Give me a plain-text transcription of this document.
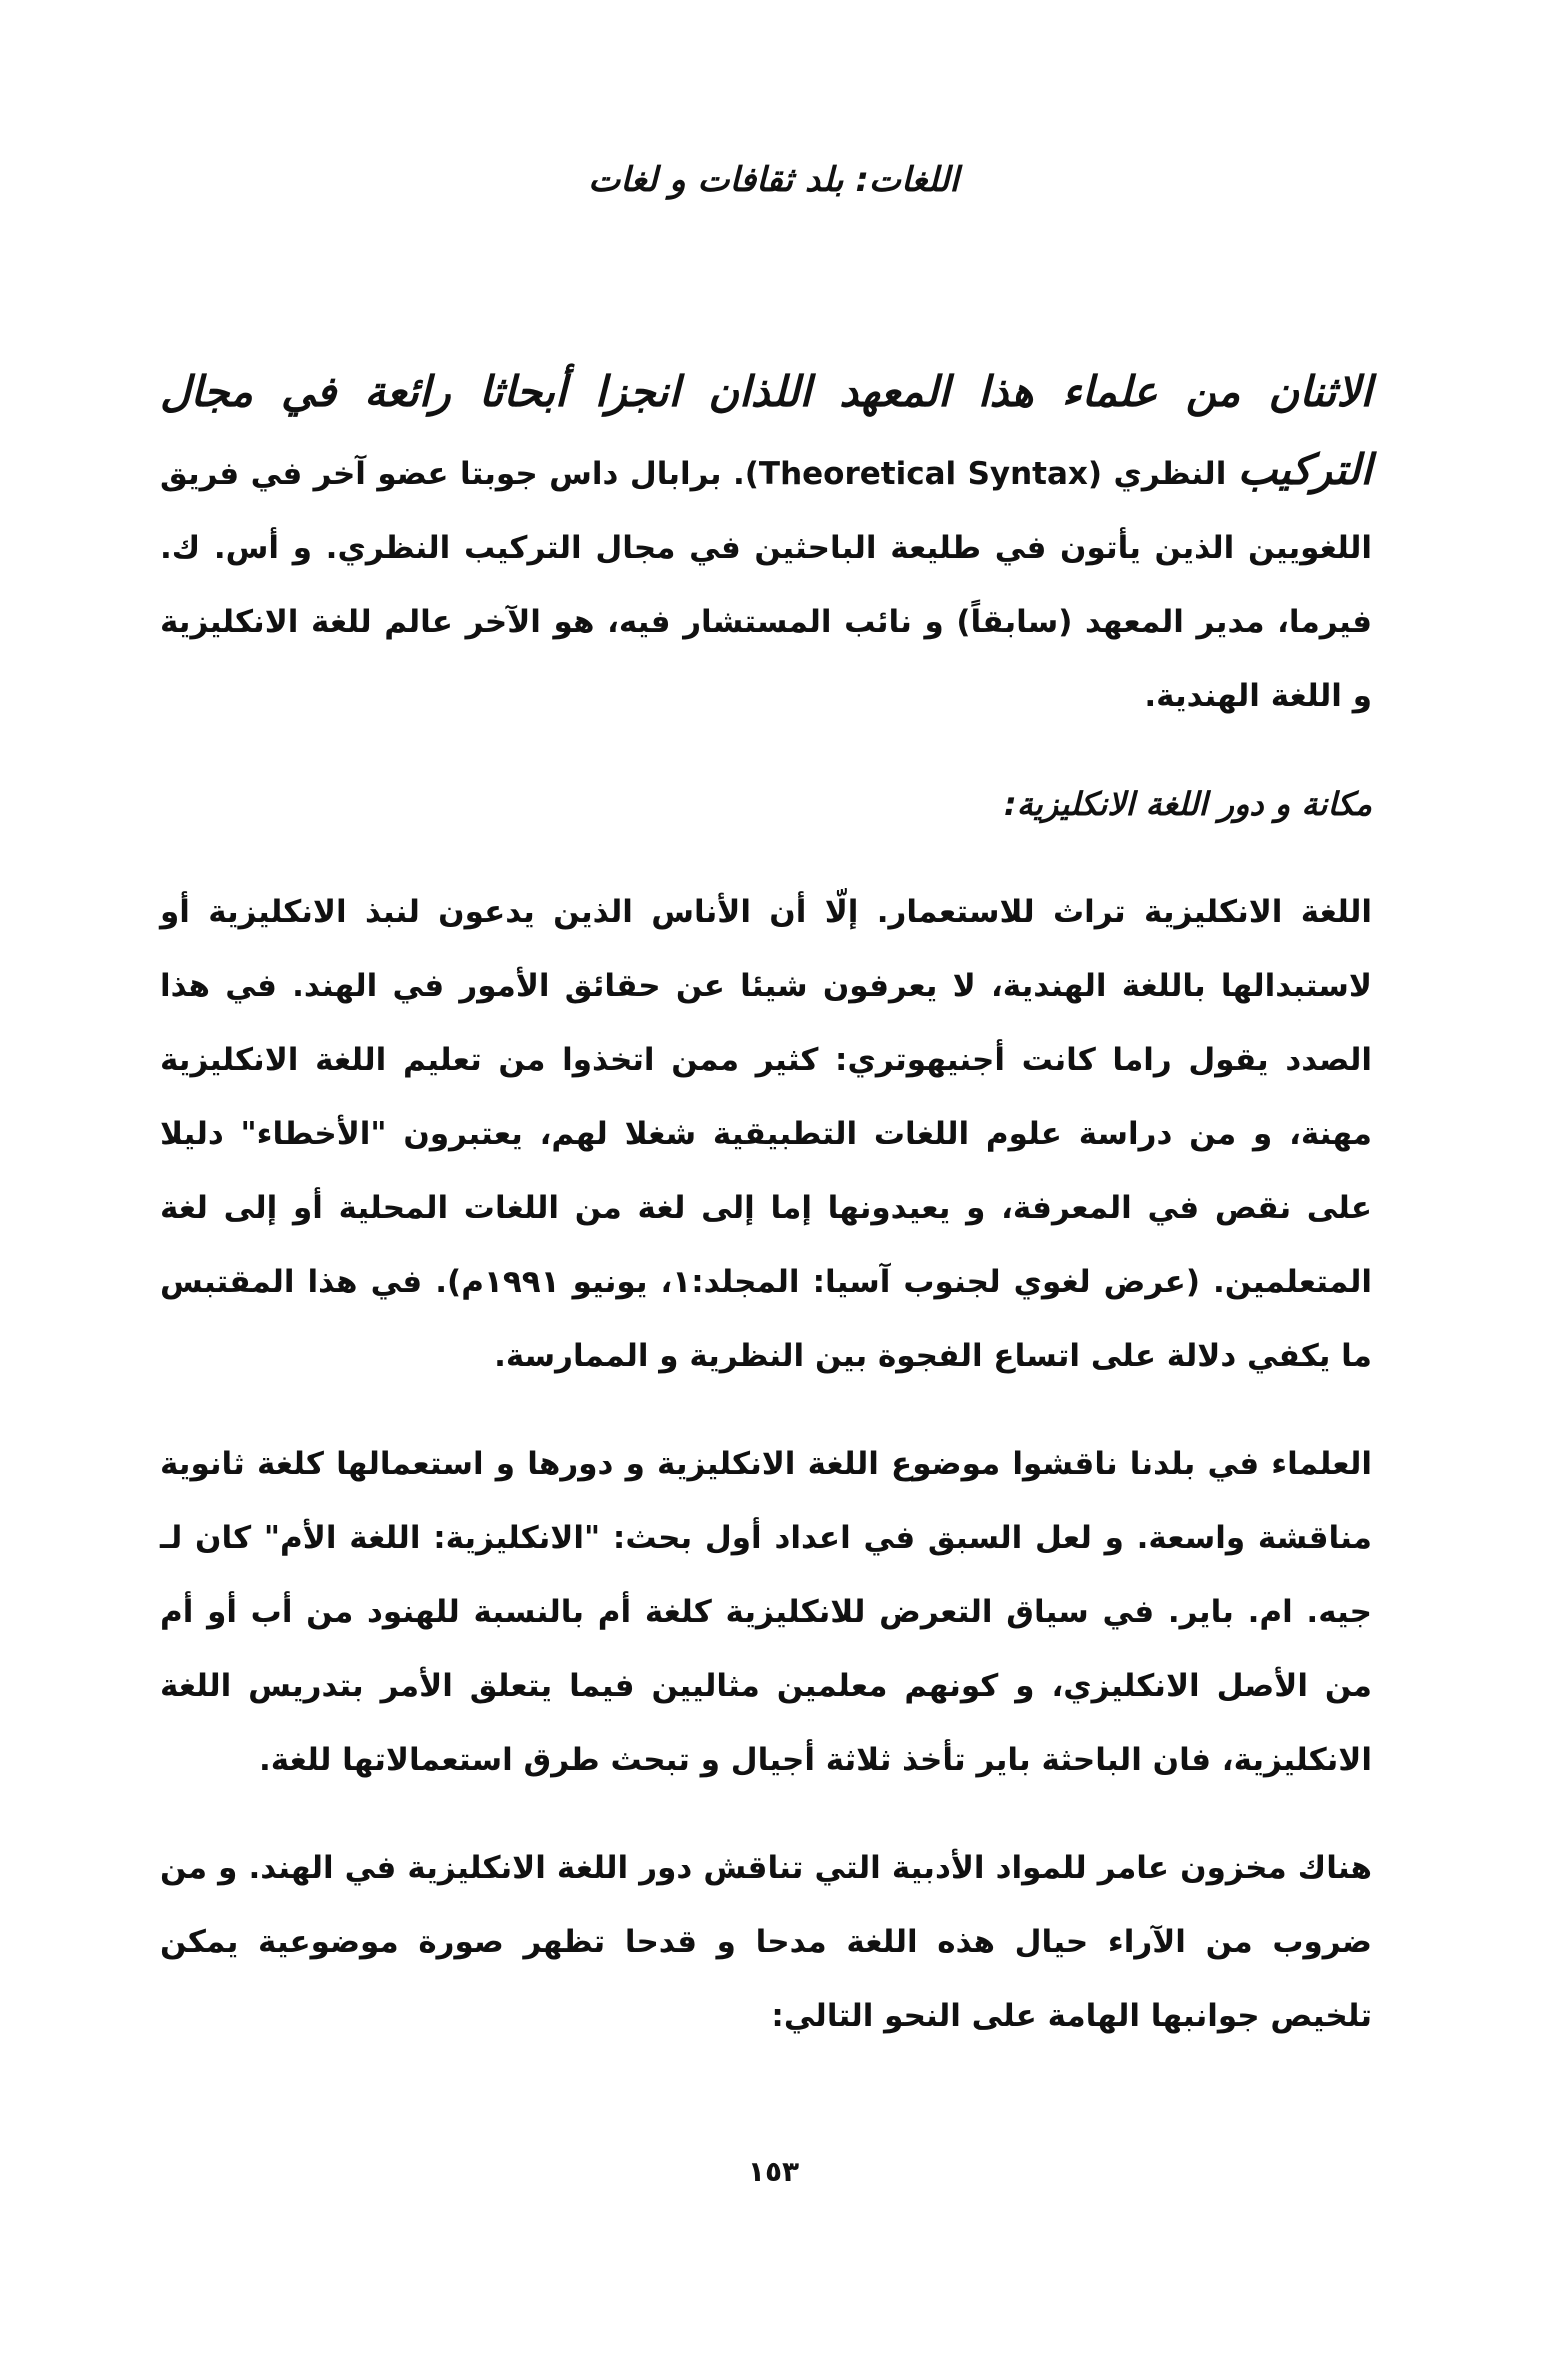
اللغات: بلد ثقافات و لغات

الاثنان من علماء هذا المعهد اللذان انجزا أبحاثا رائعة في مجال التركيب النظري (Theoretical Syntax). برابال داس جوبتا عضو آخر في فريق اللغويين الذين يأتون في طليعة الباحثين في مجال التركيب النظري. و أس. ك. فيرما، مدير المعهد (سابقاً) و نائب المستشار فيه، هو الآخر عالم للغة الانكليزية و اللغة الهندية.

مكانة و دور اللغة الانكليزية:

اللغة الانكليزية تراث للاستعمار. إلّا أن الأناس الذين يدعون لنبذ الانكليزية أو لاستبدالها باللغة الهندية، لا يعرفون شيئا عن حقائق الأمور في الهند. في هذا الصدد يقول راما كانت أجنيهوتري: كثير ممن اتخذوا من تعليم اللغة الانكليزية مهنة، و من دراسة علوم اللغات التطبيقية شغلا لهم، يعتبرون "الأخطاء" دليلا على نقص في المعرفة، و يعيدونها إما إلى لغة من اللغات المحلية أو إلى لغة المتعلمين. (عرض لغوي لجنوب آسيا: المجلد:١، يونيو ١٩٩١م). في هذا المقتبس ما يكفي دلالة على اتساع الفجوة بين النظرية و الممارسة.

العلماء في بلدنا ناقشوا موضوع اللغة الانكليزية و دورها و استعمالها كلغة ثانوية مناقشة واسعة. و لعل السبق في اعداد أول بحث: "الانكليزية: اللغة الأم" كان لـ جيه. ام. باير. في سياق التعرض للانكليزية كلغة أم بالنسبة للهنود من أب أو أم من الأصل الانكليزي، و كونهم معلمين مثاليين فيما يتعلق الأمر بتدريس اللغة الانكليزية، فان الباحثة باير تأخذ ثلاثة أجيال و تبحث طرق استعمالاتها للغة.

هناك مخزون عامر للمواد الأدبية التي تناقش دور اللغة الانكليزية في الهند. و من ضروب من الآراء حيال هذه اللغة مدحا و قدحا تظهر صورة موضوعية يمكن تلخيص جوانبها الهامة على النحو التالي:

١٥٣
